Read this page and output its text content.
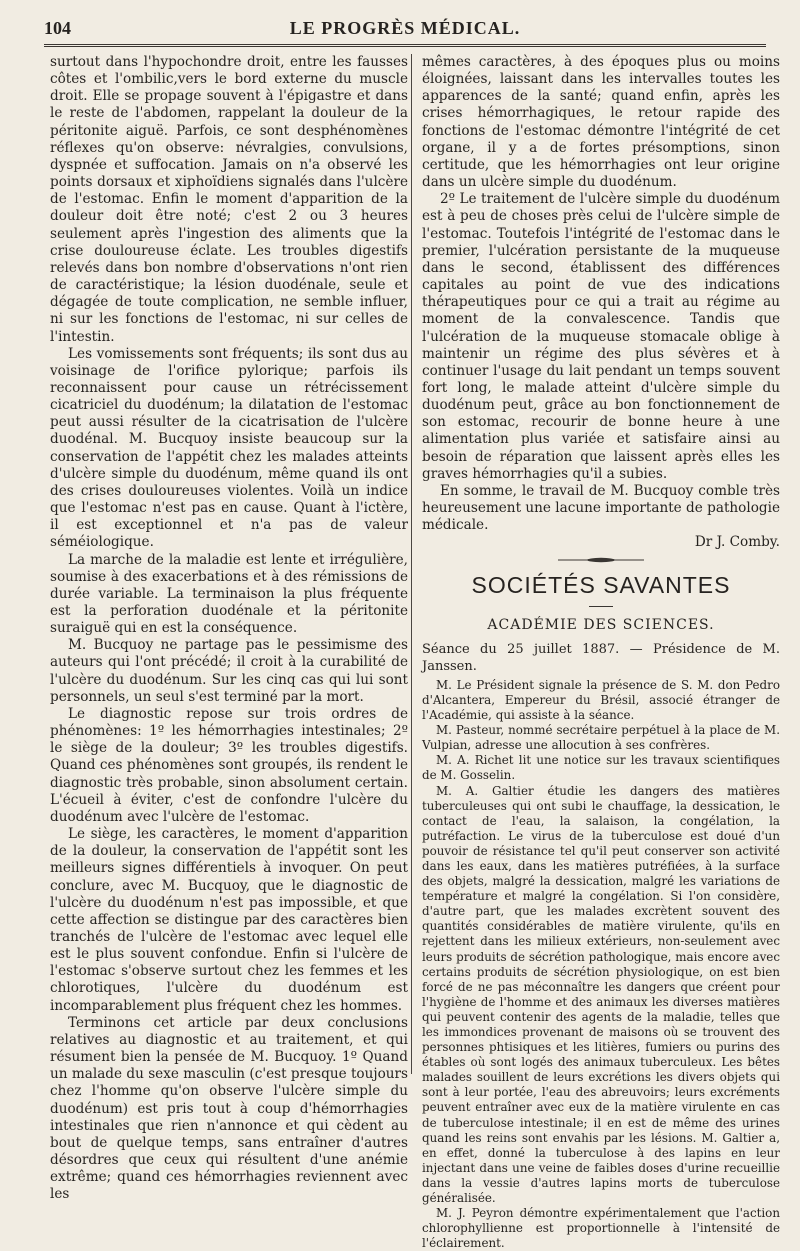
104	LE PROGRÈS MÉDICAL.

surtout dans l'hypochondre droit, entre les fausses côtes et l'ombilic,vers le bord externe du muscle droit. Elle se propage souvent à l'épigastre et dans le reste de l'abdomen, rappelant la douleur de la péritonite aiguë. Parfois, ce sont desphénomènes réflexes qu'on observe: névralgies, convulsions, dyspnée et suffocation. Jamais on n'a observé les points dorsaux et xiphoïdiens signalés dans l'ulcère de l'estomac. Enfin le moment d'apparition de la douleur doit être noté; c'est 2 ou 3 heures seulement après l'ingestion des aliments que la crise douloureuse éclate. Les troubles digestifs relevés dans bon nombre d'observations n'ont rien de caractéristique; la lésion duodénale, seule et dégagée de toute complication, ne semble influer, ni sur les fonctions de l'estomac, ni sur celles de l'intestin.

Les vomissements sont fréquents; ils sont dus au voisinage de l'orifice pylorique; parfois ils reconnaissent pour cause un rétrécissement cicatriciel du duodénum; la dilatation de l'estomac peut aussi résulter de la cicatrisation de l'ulcère duodénal. M. Bucquoy insiste beaucoup sur la conservation de l'appétit chez les malades atteints d'ulcère simple du duodénum, même quand ils ont des crises douloureuses violentes. Voilà un indice que l'estomac n'est pas en cause. Quant à l'ictère, il est exceptionnel et n'a pas de valeur séméiologique.

La marche de la maladie est lente et irrégulière, soumise à des exacerbations et à des rémissions de durée variable. La terminaison la plus fréquente est la perforation duodénale et la péritonite suraiguë qui en est la conséquence.

M. Bucquoy ne partage pas le pessimisme des auteurs qui l'ont précédé; il croit à la curabilité de l'ulcère du duodénum. Sur les cinq cas qui lui sont personnels, un seul s'est terminé par la mort.

Le diagnostic repose sur trois ordres de phénomènes: 1º les hémorrhagies intestinales; 2º le siège de la douleur; 3º les troubles digestifs. Quand ces phénomènes sont groupés, ils rendent le diagnostic très probable, sinon absolument certain. L'écueil à éviter, c'est de confondre l'ulcère du duodénum avec l'ulcère de l'estomac.

Le siège, les caractères, le moment d'apparition de la douleur, la conservation de l'appétit sont les meilleurs signes différentiels à invoquer. On peut conclure, avec M. Bucquoy, que le diagnostic de l'ulcère du duodénum n'est pas impossible, et que cette affection se distingue par des caractères bien tranchés de l'ulcère de l'estomac avec lequel elle est le plus souvent confondue. Enfin si l'ulcère de l'estomac s'observe surtout chez les femmes et les chlorotiques, l'ulcère du duodénum est incomparablement plus fréquent chez les hommes.

Terminons cet article par deux conclusions relatives au diagnostic et au traitement, et qui résument bien la pensée de M. Bucquoy. 1º Quand un malade du sexe masculin (c'est presque toujours chez l'homme qu'on observe l'ulcère simple du duodénum) est pris tout à coup d'hémorrhagies intestinales que rien n'annonce et qui cèdent au bout de quelque temps, sans entraîner d'autres désordres que ceux qui résultent d'une anémie extrême; quand ces hémorrhagies reviennent avec les

mêmes caractères, à des époques plus ou moins éloignées, laissant dans les intervalles toutes les apparences de la santé; quand enfin, après les crises hémorrhagiques, le retour rapide des fonctions de l'estomac démontre l'intégrité de cet organe, il y a de fortes présomptions, sinon certitude, que les hémorrhagies ont leur origine dans un ulcère simple du duodénum.

2º Le traitement de l'ulcère simple du duodénum est à peu de choses près celui de l'ulcère simple de l'estomac. Toutefois l'intégrité de l'estomac dans le premier, l'ulcération persistante de la muqueuse dans le second, établissent des différences capitales au point de vue des indications thérapeutiques pour ce qui a trait au régime au moment de la convalescence. Tandis que l'ulcération de la muqueuse stomacale oblige à maintenir un régime des plus sévères et à continuer l'usage du lait pendant un temps souvent fort long, le malade atteint d'ulcère simple du duodénum peut, grâce au bon fonctionnement de son estomac, recourir de bonne heure à une alimentation plus variée et satisfaire ainsi au besoin de réparation que laissent après elles les graves hémorrhagies qu'il a subies.

En somme, le travail de M. Bucquoy comble très heureusement une lacune importante de pathologie médicale.

Dr J. Comby.
SOCIÉTÉS SAVANTES
ACADÉMIE DES SCIENCES.

Séance du 25 juillet 1887. — Présidence de M. Janssen.

M. Le Président signale la présence de S. M. don Pedro d'Alcantera, Empereur du Brésil, associé étranger de l'Académie, qui assiste à la séance.

M. Pasteur, nommé secrétaire perpétuel à la place de M. Vulpian, adresse une allocution à ses confrères.

M. A. Richet lit une notice sur les travaux scientifiques de M. Gosselin.

M. A. Galtier étudie les dangers des matières tuberculeuses qui ont subi le chauffage, la dessication, le contact de l'eau, la salaison, la congélation, la putréfaction. Le virus de la tuberculose est doué d'un pouvoir de résistance tel qu'il peut conserver son activité dans les eaux, dans les matières putréfiées, à la surface des objets, malgré la dessication, malgré les variations de température et malgré la congélation. Si l'on considère, d'autre part, que les malades excrètent souvent des quantités considérables de matière virulente, qu'ils en rejettent dans les milieux extérieurs, non-seulement avec leurs produits de sécrétion pathologique, mais encore avec certains produits de sécrétion physiologique, on est bien forcé de ne pas méconnaître les dangers que créent pour l'hygiène de l'homme et des animaux les diverses matières qui peuvent contenir des agents de la maladie, telles que les immondices provenant de maisons où se trouvent des personnes phtisiques et les litières, fumiers ou purins des étables où sont logés des animaux tuberculeux. Les bêtes malades souillent de leurs excrétions les divers objets qui sont à leur portée, l'eau des abreuvoirs; leurs excréments peuvent entraîner avec eux de la matière virulente en cas de tuberculose intestinale; il en est de même des urines quand les reins sont envahis par les lésions. M. Galtier a, en effet, donné la tuberculose à des lapins en leur injectant dans une veine de faibles doses d'urine recueillie dans la vessie d'autres lapins morts de tuberculose généralisée.

M. J. Peyron démontre expérimentalement que l'action chlorophyllienne est proportionnelle à l'intensité de l'éclairement.
